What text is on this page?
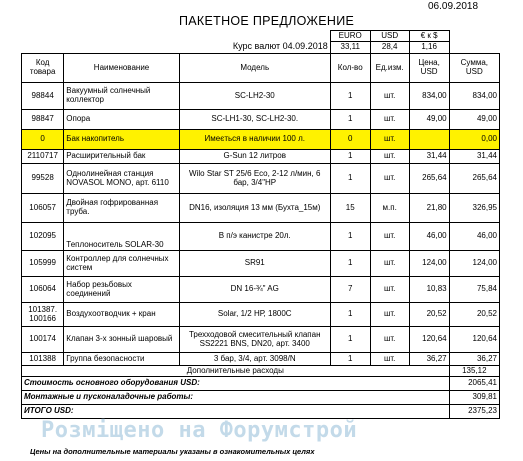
06.09.2018
ПАКЕТНОЕ ПРЕДЛОЖЕНИЕ
			EURO	USD	€ к $	
Курс валют 04.09.2018			33,11	28,4	1,16	
Код товара	Наименование	Модель	Кол-во	Ед.изм.	Цена, USD	Сумма, USD
98844	Вакуумный солнечный коллектор	SC-LH2-30	1	шт.	834,00	834,00
98847	Опора	SC-LH1-30, SC-LH2-30.	1	шт.	49,00	49,00
0	Бак накопитель	Имеється в наличии 100 л.	0	шт.		0,00
2110717	Расширительный бак	G-Sun 12 литров	1	шт.	31,44	31,44
99528	Однолинейная станция NOVASOL MONO, арт. 6110	Wilo Star ST 25/6 Eco, 2-12 л/мин, 6 бар, 3/4"НР	1	шт.	265,64	265,64
106057	Двойная гофрированная труба.	DN16, изоляция 13 мм (Бухта_15м)	15	м.п.	21,80	326,95
102095	Теплоноситель SOLAR-30	В п/э канистре 20л.	1	шт.	46,00	46,00
105999	Контроллер для солнечных систем	SR91	1	шт.	124,00	124,00
106064	Набор резьбовых соединений	DN 16-¾" AG	7	шт.	10,83	75,84
101387. 100166	Воздухоотводчик + кран	Solar, 1/2 НР, 1800С	1	шт.	20,52	20,52
100174	Клапан 3-х зонный шаровый	Трехходовой смесительный клапан SS2221 BNS, DN20, арт. 3400	1	шт.	120,64	120,64
101388	Группа безопасности	3 бар, 3/4, арт. 3098/N	1	шт.	36,27	36,27
Дополнительные расходы						135,12
Стоимость основного оборудования USD:						2065,41
Монтажные и пусконаладочные работы:						309,81
ИТОГО USD:						2375,23
Розміщено на Форумстрой
Цены на дополнительные материалы указаны в ознакомительных целях
